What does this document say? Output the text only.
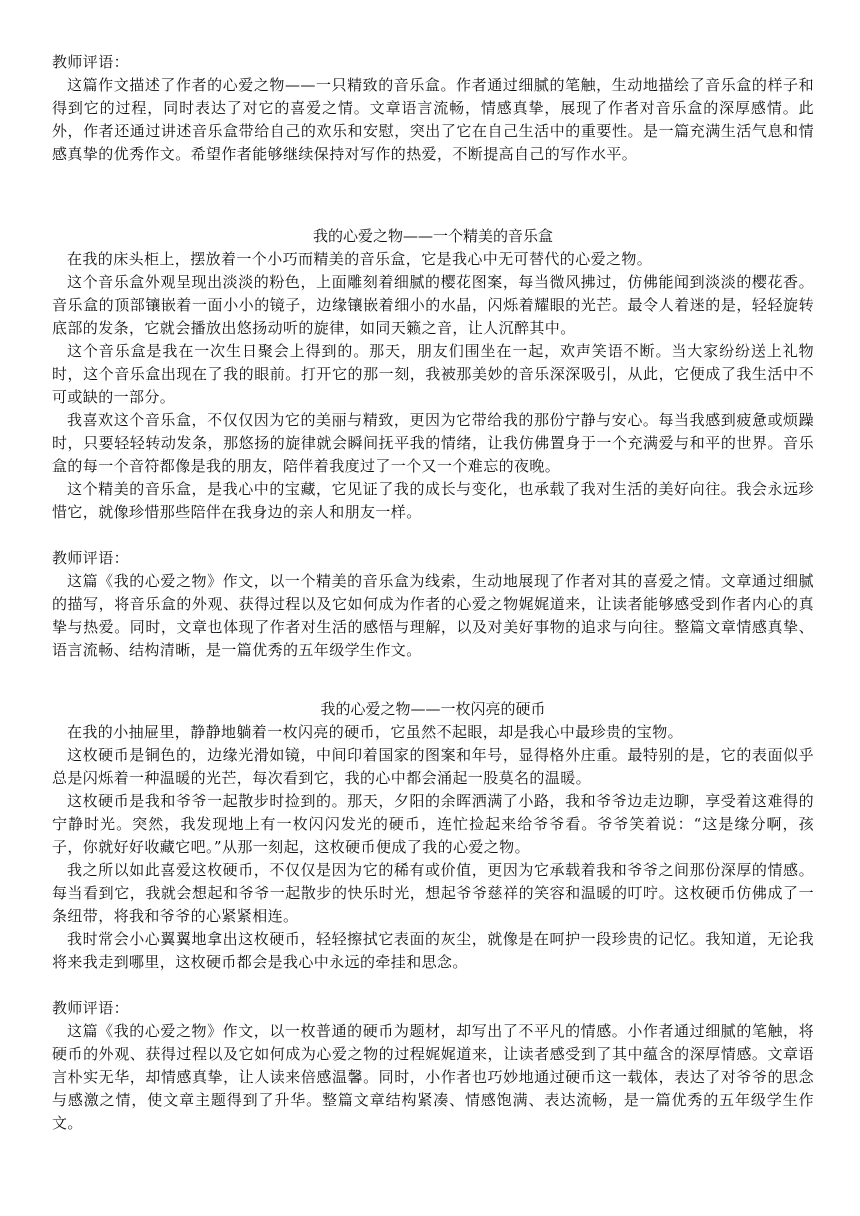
教师评语：

这篇作文描述了作者的心爱之物——一只精致的音乐盒。作者通过细腻的笔触，生动地描绘了音乐盒的样子和得到它的过程，同时表达了对它的喜爱之情。文章语言流畅，情感真挚，展现了作者对音乐盒的深厚感情。此外，作者还通过讲述音乐盒带给自己的欢乐和安慰，突出了它在自己生活中的重要性。是一篇充满生活气息和情感真挚的优秀作文。希望作者能够继续保持对写作的热爱，不断提高自己的写作水平。

我的心爱之物——一个精美的音乐盒

在我的床头柜上，摆放着一个小巧而精美的音乐盒，它是我心中无可替代的心爱之物。

这个音乐盒外观呈现出淡淡的粉色，上面雕刻着细腻的樱花图案，每当微风拂过，仿佛能闻到淡淡的樱花香。音乐盒的顶部镶嵌着一面小小的镜子，边缘镶嵌着细小的水晶，闪烁着耀眼的光芒。最令人着迷的是，轻轻旋转底部的发条，它就会播放出悠扬动听的旋律，如同天籁之音，让人沉醉其中。

这个音乐盒是我在一次生日聚会上得到的。那天，朋友们围坐在一起，欢声笑语不断。当大家纷纷送上礼物时，这个音乐盒出现在了我的眼前。打开它的那一刻，我被那美妙的音乐深深吸引，从此，它便成了我生活中不可或缺的一部分。

我喜欢这个音乐盒，不仅仅因为它的美丽与精致，更因为它带给我的那份宁静与安心。每当我感到疲惫或烦躁时，只要轻轻转动发条，那悠扬的旋律就会瞬间抚平我的情绪，让我仿佛置身于一个充满爱与和平的世界。音乐盒的每一个音符都像是我的朋友，陪伴着我度过了一个又一个难忘的夜晚。

这个精美的音乐盒，是我心中的宝藏，它见证了我的成长与变化，也承载了我对生活的美好向往。我会永远珍惜它，就像珍惜那些陪伴在我身边的亲人和朋友一样。

教师评语：

这篇《我的心爱之物》作文，以一个精美的音乐盒为线索，生动地展现了作者对其的喜爱之情。文章通过细腻的描写，将音乐盒的外观、获得过程以及它如何成为作者的心爱之物娓娓道来，让读者能够感受到作者内心的真挚与热爱。同时，文章也体现了作者对生活的感悟与理解，以及对美好事物的追求与向往。整篇文章情感真挚、语言流畅、结构清晰，是一篇优秀的五年级学生作文。

我的心爱之物——一枚闪亮的硬币

在我的小抽屉里，静静地躺着一枚闪亮的硬币，它虽然不起眼，却是我心中最珍贵的宝物。

这枚硬币是铜色的，边缘光滑如镜，中间印着国家的图案和年号，显得格外庄重。最特别的是，它的表面似乎总是闪烁着一种温暖的光芒，每次看到它，我的心中都会涌起一股莫名的温暖。

这枚硬币是我和爷爷一起散步时捡到的。那天，夕阳的余晖洒满了小路，我和爷爷边走边聊，享受着这难得的宁静时光。突然，我发现地上有一枚闪闪发光的硬币，连忙捡起来给爷爷看。爷爷笑着说：“这是缘分啊，孩子，你就好好收藏它吧。”从那一刻起，这枚硬币便成了我的心爱之物。

我之所以如此喜爱这枚硬币，不仅仅是因为它的稀有或价值，更因为它承载着我和爷爷之间那份深厚的情感。每当看到它，我就会想起和爷爷一起散步的快乐时光，想起爷爷慈祥的笑容和温暖的叮咛。这枚硬币仿佛成了一条纽带，将我和爷爷的心紧紧相连。

我时常会小心翼翼地拿出这枚硬币，轻轻擦拭它表面的灰尘，就像是在呵护一段珍贵的记忆。我知道，无论我将来我走到哪里，这枚硬币都会是我心中永远的牵挂和思念。

教师评语：

这篇《我的心爱之物》作文，以一枚普通的硬币为题材，却写出了不平凡的情感。小作者通过细腻的笔触，将硬币的外观、获得过程以及它如何成为心爱之物的过程娓娓道来，让读者感受到了其中蕴含的深厚情感。文章语言朴实无华，却情感真挚，让人读来倍感温馨。同时，小作者也巧妙地通过硬币这一载体，表达了对爷爷的思念与感激之情，使文章主题得到了升华。整篇文章结构紧凑、情感饱满、表达流畅，是一篇优秀的五年级学生作文。
